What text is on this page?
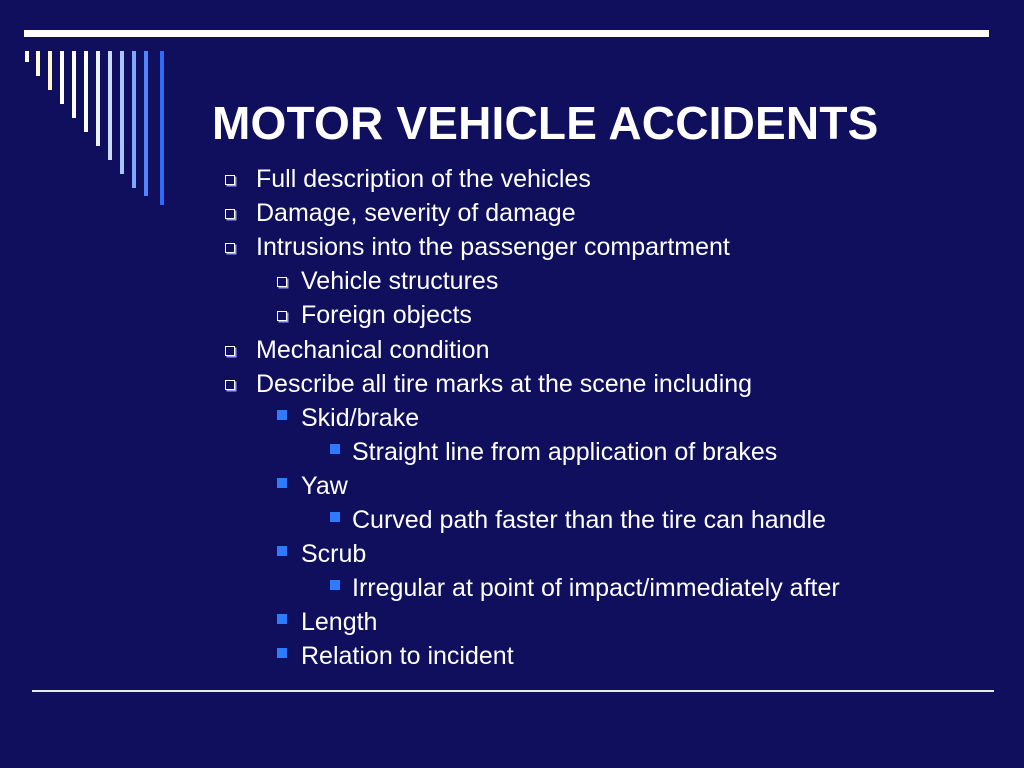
MOTOR VEHICLE ACCIDENTS
Full description of the vehicles
Damage, severity of damage
Intrusions into the passenger compartment
Vehicle structures
Foreign objects
Mechanical condition
Describe all tire marks at the scene including
Skid/brake
Straight line from application of brakes
Yaw
Curved path faster than the tire can handle
Scrub
Irregular at point of impact/immediately after
Length
Relation to incident
